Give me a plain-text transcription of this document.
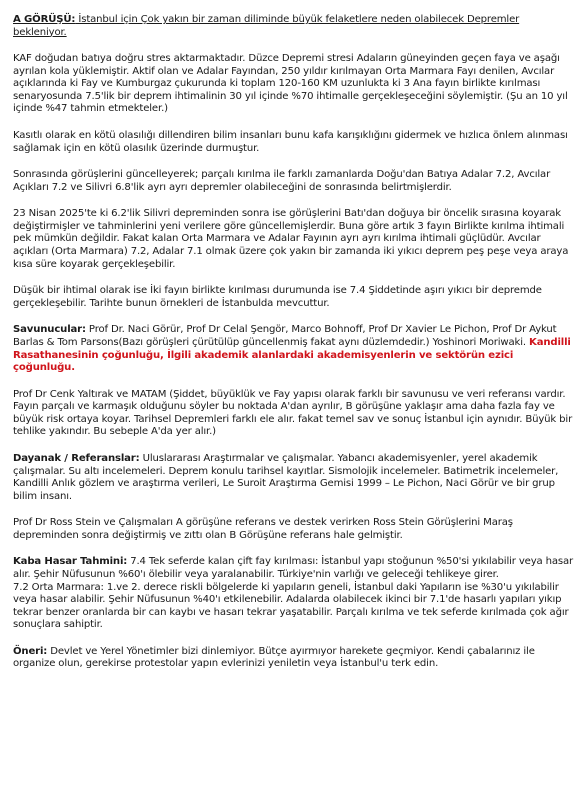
A GÖRÜŞÜ: İstanbul için Çok yakın bir zaman diliminde büyük felaketlere neden olabilecek Depremler bekleniyor.

KAF doğudan batıya doğru stres aktarmaktadır. Düzce Depremi stresi Adaların güneyinden geçen faya ve aşağı ayrılan kola yüklemiştir. Aktif olan ve Adalar Fayından, 250 yıldır kırılmayan Orta Marmara Fayı denilen, Avcılar açıklarında ki Fay ve Kumburgaz çukurunda ki toplam 120-160 KM uzunlukta ki 3 Ana fayın birlikte kırılması senaryosunda 7.5'lik bir deprem ihtimalinin 30 yıl içinde %70 ihtimalle gerçekleşeceğini söylemiştir. (Şu an 10 yıl içinde %47 tahmin etmekteler.)

Kasıtlı olarak en kötü olasılığı dillendiren bilim insanları bunu kafa karışıklığını gidermek ve hızlıca önlem alınması sağlamak için en kötü olasılık üzerinde durmuştur.

Sonrasında görüşlerini güncelleyerek; parçalı kırılma ile farklı zamanlarda Doğu'dan Batıya Adalar 7.2, Avcılar Açıkları 7.2 ve Silivri 6.8'lik ayrı ayrı depremler olabileceğini de sonrasında belirtmişlerdir.

23 Nisan 2025'te ki 6.2'lik Silivri depreminden sonra ise görüşlerini Batı'dan doğuya bir öncelik sırasına koyarak değiştirmişler ve tahminlerini yeni verilere göre güncellemişlerdir. Buna göre artık 3 fayın Birlikte kırılma ihtimali pek mümkün değildir. Fakat kalan Orta Marmara ve Adalar Fayının ayrı ayrı kırılma ihtimali güçlüdür. Avcılar açıkları (Orta Marmara) 7.2, Adalar 7.1 olmak üzere çok yakın bir zamanda iki yıkıcı deprem peş peşe veya araya kısa süre koyarak gerçekleşebilir.

Düşük bir ihtimal olarak ise İki fayın birlikte kırılması durumunda ise 7.4 Şiddetinde aşırı yıkıcı bir depremde gerçekleşebilir. Tarihte bunun örnekleri de İstanbulda mevcuttur.

Savunucular: Prof Dr. Naci Görür, Prof Dr Celal Şengör, Marco Bohnoff, Prof Dr Xavier Le Pichon, Prof Dr Aykut Barlas & Tom Parsons(Bazı görüşleri çürütülüp güncellenmiş fakat aynı düzlemdedir.) Yoshinori Moriwaki. Kandilli Rasathanesinin çoğunluğu, İlgili akademik alanlardaki akademisyenlerin ve sektörün ezici çoğunluğu.

Prof Dr Cenk Yaltırak ve MATAM (Şiddet, büyüklük ve Fay yapısı olarak farklı bir savunusu ve veri referansı vardır. Fayın parçalı ve karmaşık olduğunu söyler bu noktada A'dan ayrılır, B görüşüne yaklaşır ama daha fazla fay ve büyük risk ortaya koyar. Tarihsel Depremleri farklı ele alır. fakat temel sav ve sonuç İstanbul için aynıdır. Büyük bir tehlike yakındır. Bu sebeple A'da yer alır.)

Dayanak / Referanslar: Uluslararası Araştırmalar ve çalışmalar. Yabancı akademisyenler, yerel akademik çalışmalar. Su altı incelemeleri. Deprem konulu tarihsel kayıtlar. Sismolojik incelemeler. Batimetrik incelemeler, Kandilli Anlık gözlem ve araştırma verileri, Le Suroit Araştırma Gemisi 1999 – Le Pichon, Naci Görür ve bir grup bilim insanı.

Prof Dr Ross Stein ve Çalışmaları A görüşüne referans ve destek verirken Ross Stein Görüşlerini Maraş depreminden sonra değiştirmiş ve zıttı olan B Görüşüne referans hale gelmiştir.

Kaba Hasar Tahmini: 7.4 Tek seferde kalan çift fay kırılması: İstanbul yapı stoğunun %50'si yıkılabilir veya hasar alır. Şehir Nüfusunun %60'ı ölebilir veya yaralanabilir. Türkiye'nin varlığı ve geleceği tehlikeye girer.

7.2 Orta Marmara: 1.ve 2. derece riskli bölgelerde ki yapıların geneli, İstanbul daki Yapıların ise %30'u yıkılabilir veya hasar alabilir. Şehir Nüfusunun %40'ı etkilenebilir. Adalarda olabilecek ikinci bir 7.1'de hasarlı yapıları yıkıp tekrar benzer oranlarda bir can kaybı ve hasarı tekrar yaşatabilir. Parçalı kırılma ve tek seferde kırılmada çok ağır sonuçlara sahiptir.

Öneri: Devlet ve Yerel Yönetimler bizi dinlemiyor. Bütçe ayırmıyor harekete geçmiyor. Kendi çabalarınız ile organize olun, gerekirse protestolar yapın evlerinizi yeniletin veya İstanbul'u terk edin.
